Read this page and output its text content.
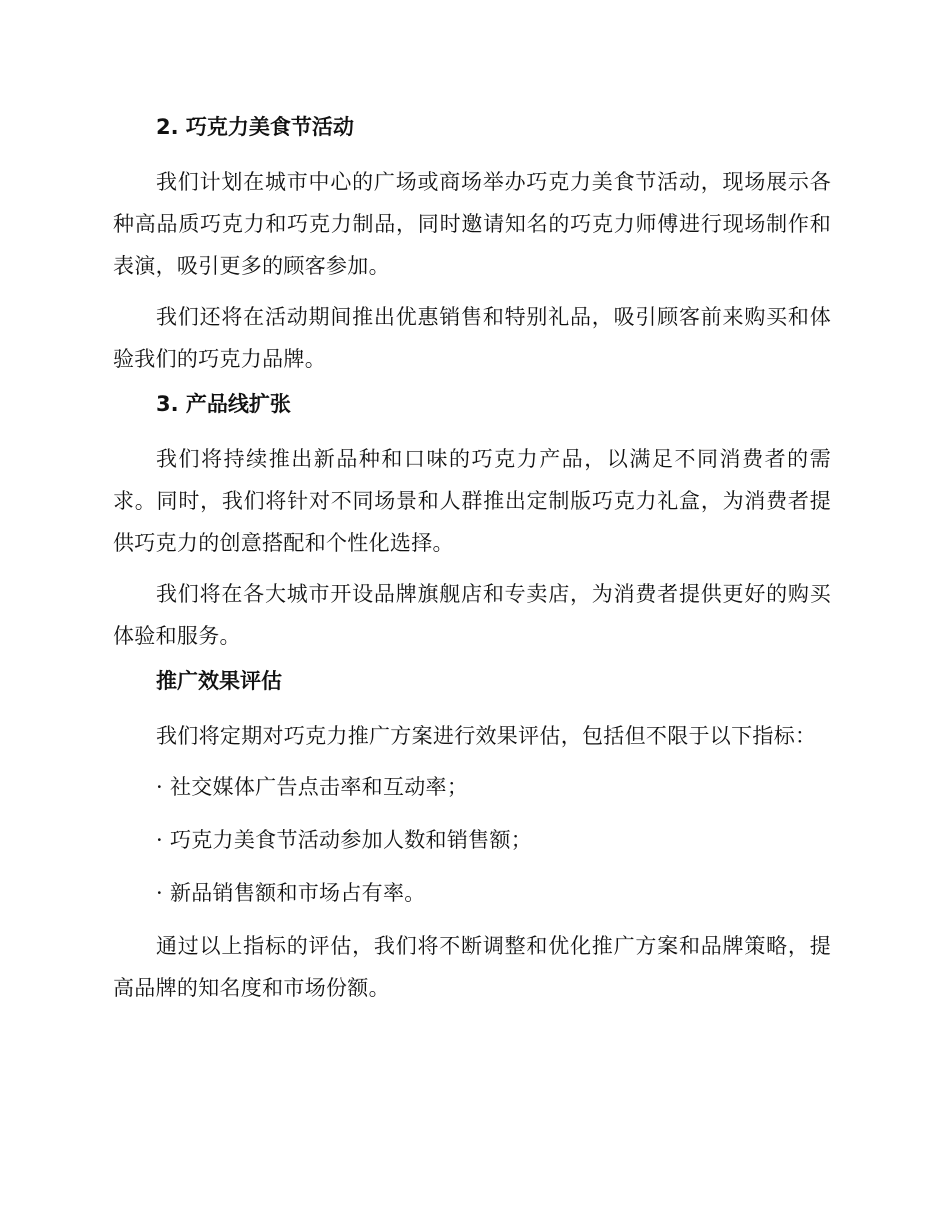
2. 巧克力美食节活动

我们计划在城市中心的广场或商场举办巧克力美食节活动，现场展示各种高品质巧克力和巧克力制品，同时邀请知名的巧克力师傅进行现场制作和表演，吸引更多的顾客参加。

我们还将在活动期间推出优惠销售和特别礼品，吸引顾客前来购买和体验我们的巧克力品牌。

3. 产品线扩张

我们将持续推出新品种和口味的巧克力产品，以满足不同消费者的需求。同时，我们将针对不同场景和人群推出定制版巧克力礼盒，为消费者提供巧克力的创意搭配和个性化选择。

我们将在各大城市开设品牌旗舰店和专卖店，为消费者提供更好的购买体验和服务。

推广效果评估

我们将定期对巧克力推广方案进行效果评估，包括但不限于以下指标：

· 社交媒体广告点击率和互动率；

· 巧克力美食节活动参加人数和销售额；

· 新品销售额和市场占有率。

通过以上指标的评估，我们将不断调整和优化推广方案和品牌策略，提高品牌的知名度和市场份额。
